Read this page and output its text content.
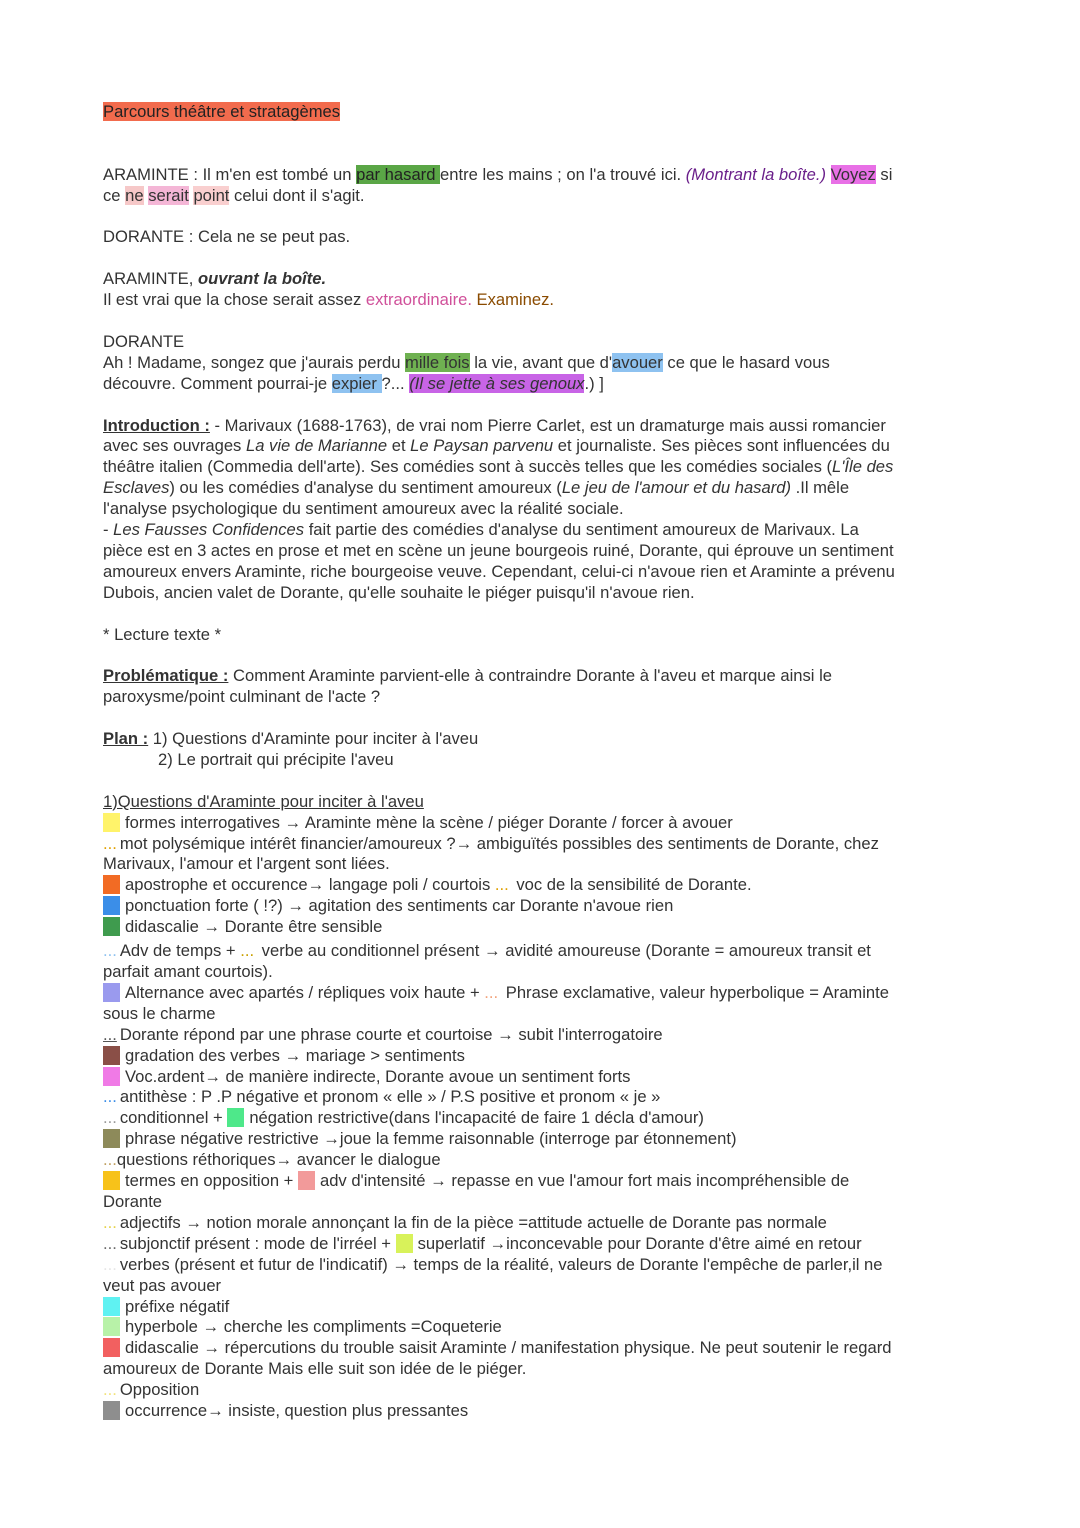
Parcours théâtre et stratagèmes

ARAMINTE : Il m'en est tombé un par hasard entre les mains ; on l'a trouvé ici. (Montrant la boîte.) Voyez si

ce ne serait point celui dont il s'agit.

DORANTE : Cela ne se peut pas.

ARAMINTE, ouvrant la boîte.

Il est vrai que la chose serait assez extraordinaire. Examinez.

DORANTE

Ah ! Madame, songez que j'aurais perdu mille fois la vie, avant que d'avouer ce que le hasard vous

découvre. Comment pourrai-je expier ?... (Il se jette à ses genoux.) ]

Introduction : - Marivaux (1688-1763), de vrai nom Pierre Carlet, est un dramaturge mais aussi romancier

avec ses ouvrages La vie de Marianne et Le Paysan parvenu et journaliste. Ses pièces sont influencées du

théâtre italien (Commedia dell'arte). Ses comédies sont à succès telles que les comédies sociales (L'Île des

Esclaves) ou les comédies d'analyse du sentiment amoureux (Le jeu de l'amour et du hasard) .Il mêle

l'analyse psychologique du sentiment amoureux avec la réalité sociale.

- Les Fausses Confidences fait partie des comédies d'analyse du sentiment amoureux de Marivaux. La

pièce est en 3 actes en prose et met en scène un jeune bourgeois ruiné, Dorante, qui éprouve un sentiment

amoureux envers Araminte, riche bourgeoise veuve. Cependant, celui-ci n'avoue rien et Araminte a prévenu

Dubois, ancien valet de Dorante, qu'elle souhaite le piéger puisqu'il n'avoue rien.

* Lecture texte *

Problématique : Comment Araminte parvient-elle à contraindre Dorante à l'aveu et marque ainsi le

paroxysme/point culminant de l'acte ?

Plan : 1) Questions d'Araminte pour inciter à l'aveu

2) Le portrait qui précipite l'aveu

1)Questions d'Araminte pour inciter à l'aveu

formes interrogatives → Araminte mène la scène / piéger Dorante / forcer à avouer

... mot polysémique intérêt financier/amoureux ?→ ambiguïtés possibles des sentiments de Dorante, chez

Marivaux, l'amour et l'argent sont liées.

apostrophe et occurence→ langage poli / courtois ... voc de la sensibilité de Dorante.

ponctuation forte ( !?) → agitation des sentiments car Dorante n'avoue rien

didascalie → Dorante être sensible

... Adv de temps + ... verbe au conditionnel présent → avidité amoureuse (Dorante = amoureux transit et

parfait amant courtois).

Alternance avec apartés / répliques voix haute + ... Phrase exclamative, valeur hyperbolique = Araminte

sous le charme

... Dorante répond par une phrase courte et courtoise → subit l'interrogatoire

gradation des verbes → mariage > sentiments

Voc.ardent→ de manière indirecte, Dorante avoue un sentiment forts

... antithèse : P .P négative et pronom « elle » / P.S positive et pronom « je »

... conditionnel + négation restrictive(dans l'incapacité de faire 1 décla d'amour)

phrase négative restrictive →joue la femme raisonnable (interroge par étonnement)

...questions réthoriques→ avancer le dialogue

termes en opposition + adv d'intensité → repasse en vue l'amour fort mais incompréhensible de

Dorante

... adjectifs → notion morale annonçant la fin de la pièce =attitude actuelle de Dorante pas normale

... subjonctif présent : mode de l'irréel + superlatif →inconcevable pour Dorante d'être aimé en retour

... verbes (présent et futur de l'indicatif) → temps de la réalité, valeurs de Dorante l'empêche de parler,il ne

veut pas avouer

préfixe négatif

hyperbole → cherche les compliments =Coqueterie

didascalie → répercutions du trouble saisit Araminte / manifestation physique. Ne peut soutenir le regard

amoureux de Dorante Mais elle suit son idée de le piéger.

... Opposition

occurrence→ insiste, question plus pressantes
